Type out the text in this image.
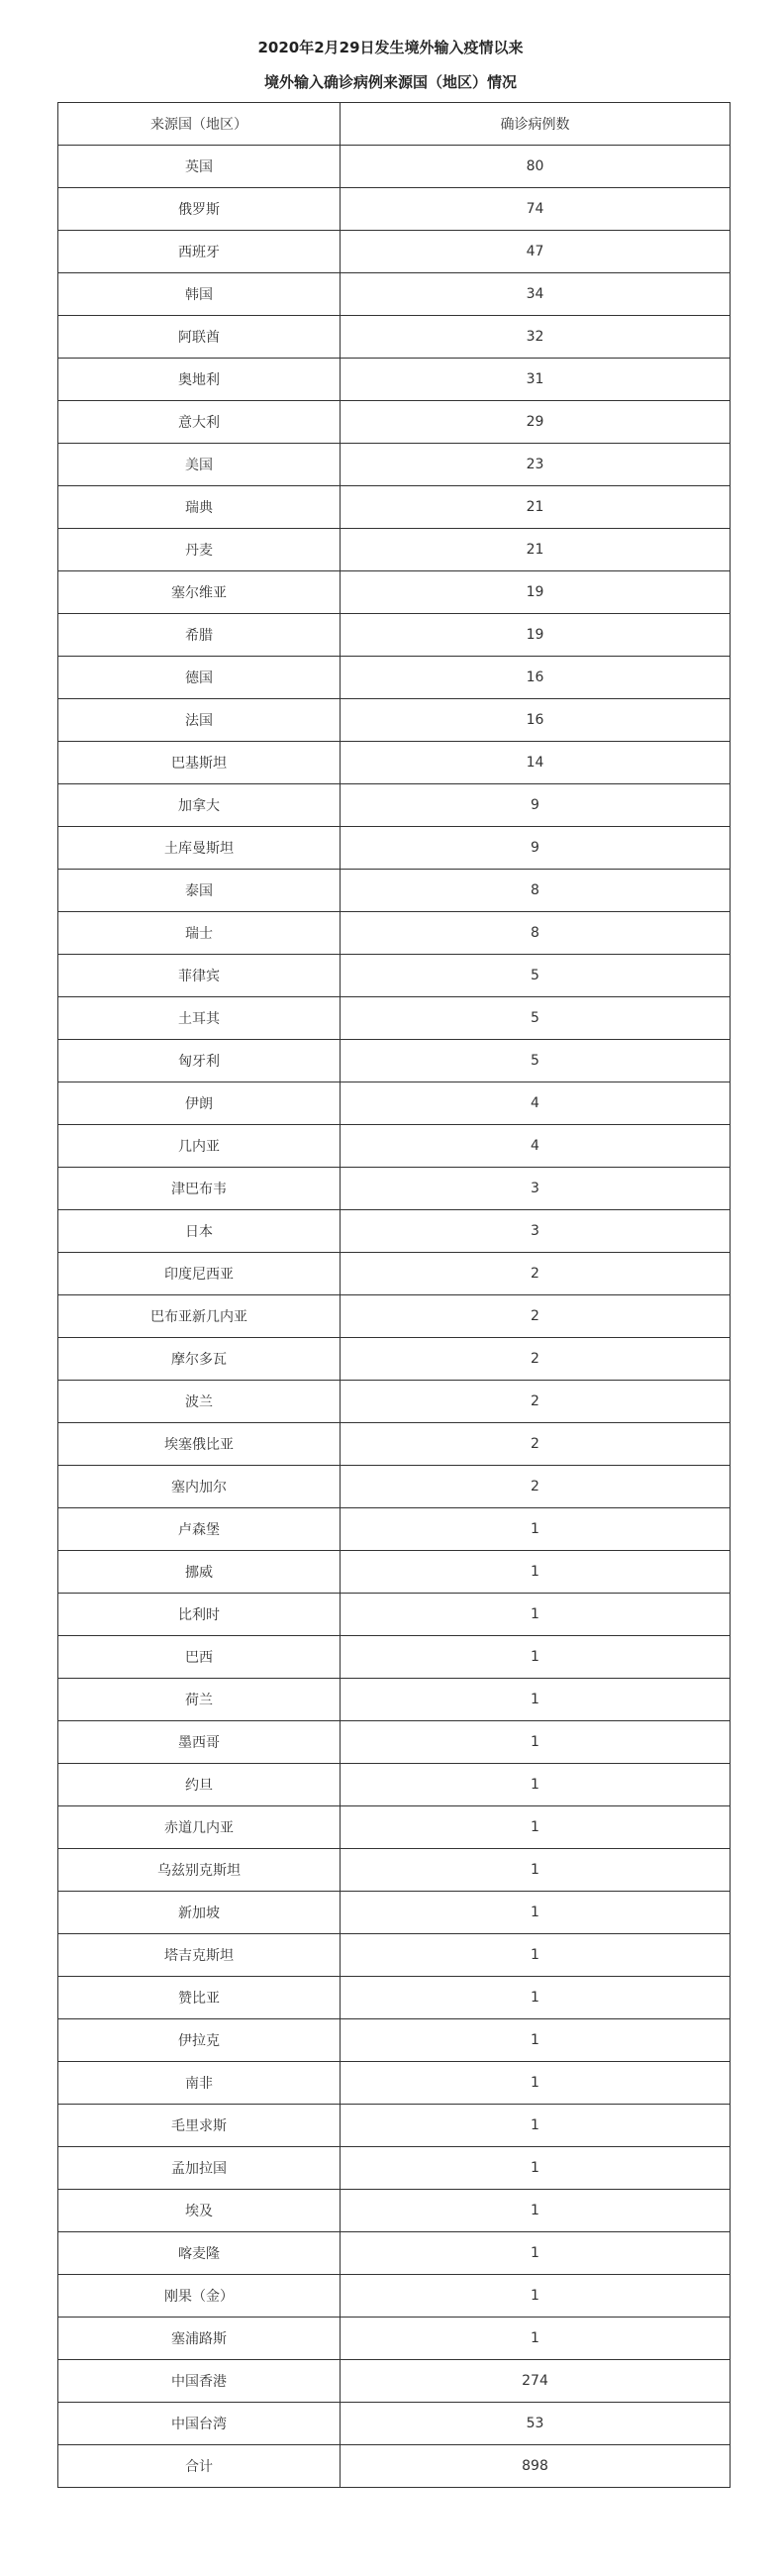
2020年2月29日发生境外输入疫情以来
境外输入确诊病例来源国（地区）情况
来源国（地区）	确诊病例数
英国	80
俄罗斯	74
西班牙	47
韩国	34
阿联酋	32
奥地利	31
意大利	29
美国	23
瑞典	21
丹麦	21
塞尔维亚	19
希腊	19
德国	16
法国	16
巴基斯坦	14
加拿大	9
土库曼斯坦	9
泰国	8
瑞士	8
菲律宾	5
土耳其	5
匈牙利	5
伊朗	4
几内亚	4
津巴布韦	3
日本	3
印度尼西亚	2
巴布亚新几内亚	2
摩尔多瓦	2
波兰	2
埃塞俄比亚	2
塞内加尔	2
卢森堡	1
挪威	1
比利时	1
巴西	1
荷兰	1
墨西哥	1
约旦	1
赤道几内亚	1
乌兹别克斯坦	1
新加坡	1
塔吉克斯坦	1
赞比亚	1
伊拉克	1
南非	1
毛里求斯	1
孟加拉国	1
埃及	1
喀麦隆	1
刚果（金）	1
塞浦路斯	1
中国香港	274
中国台湾	53
合计	898
